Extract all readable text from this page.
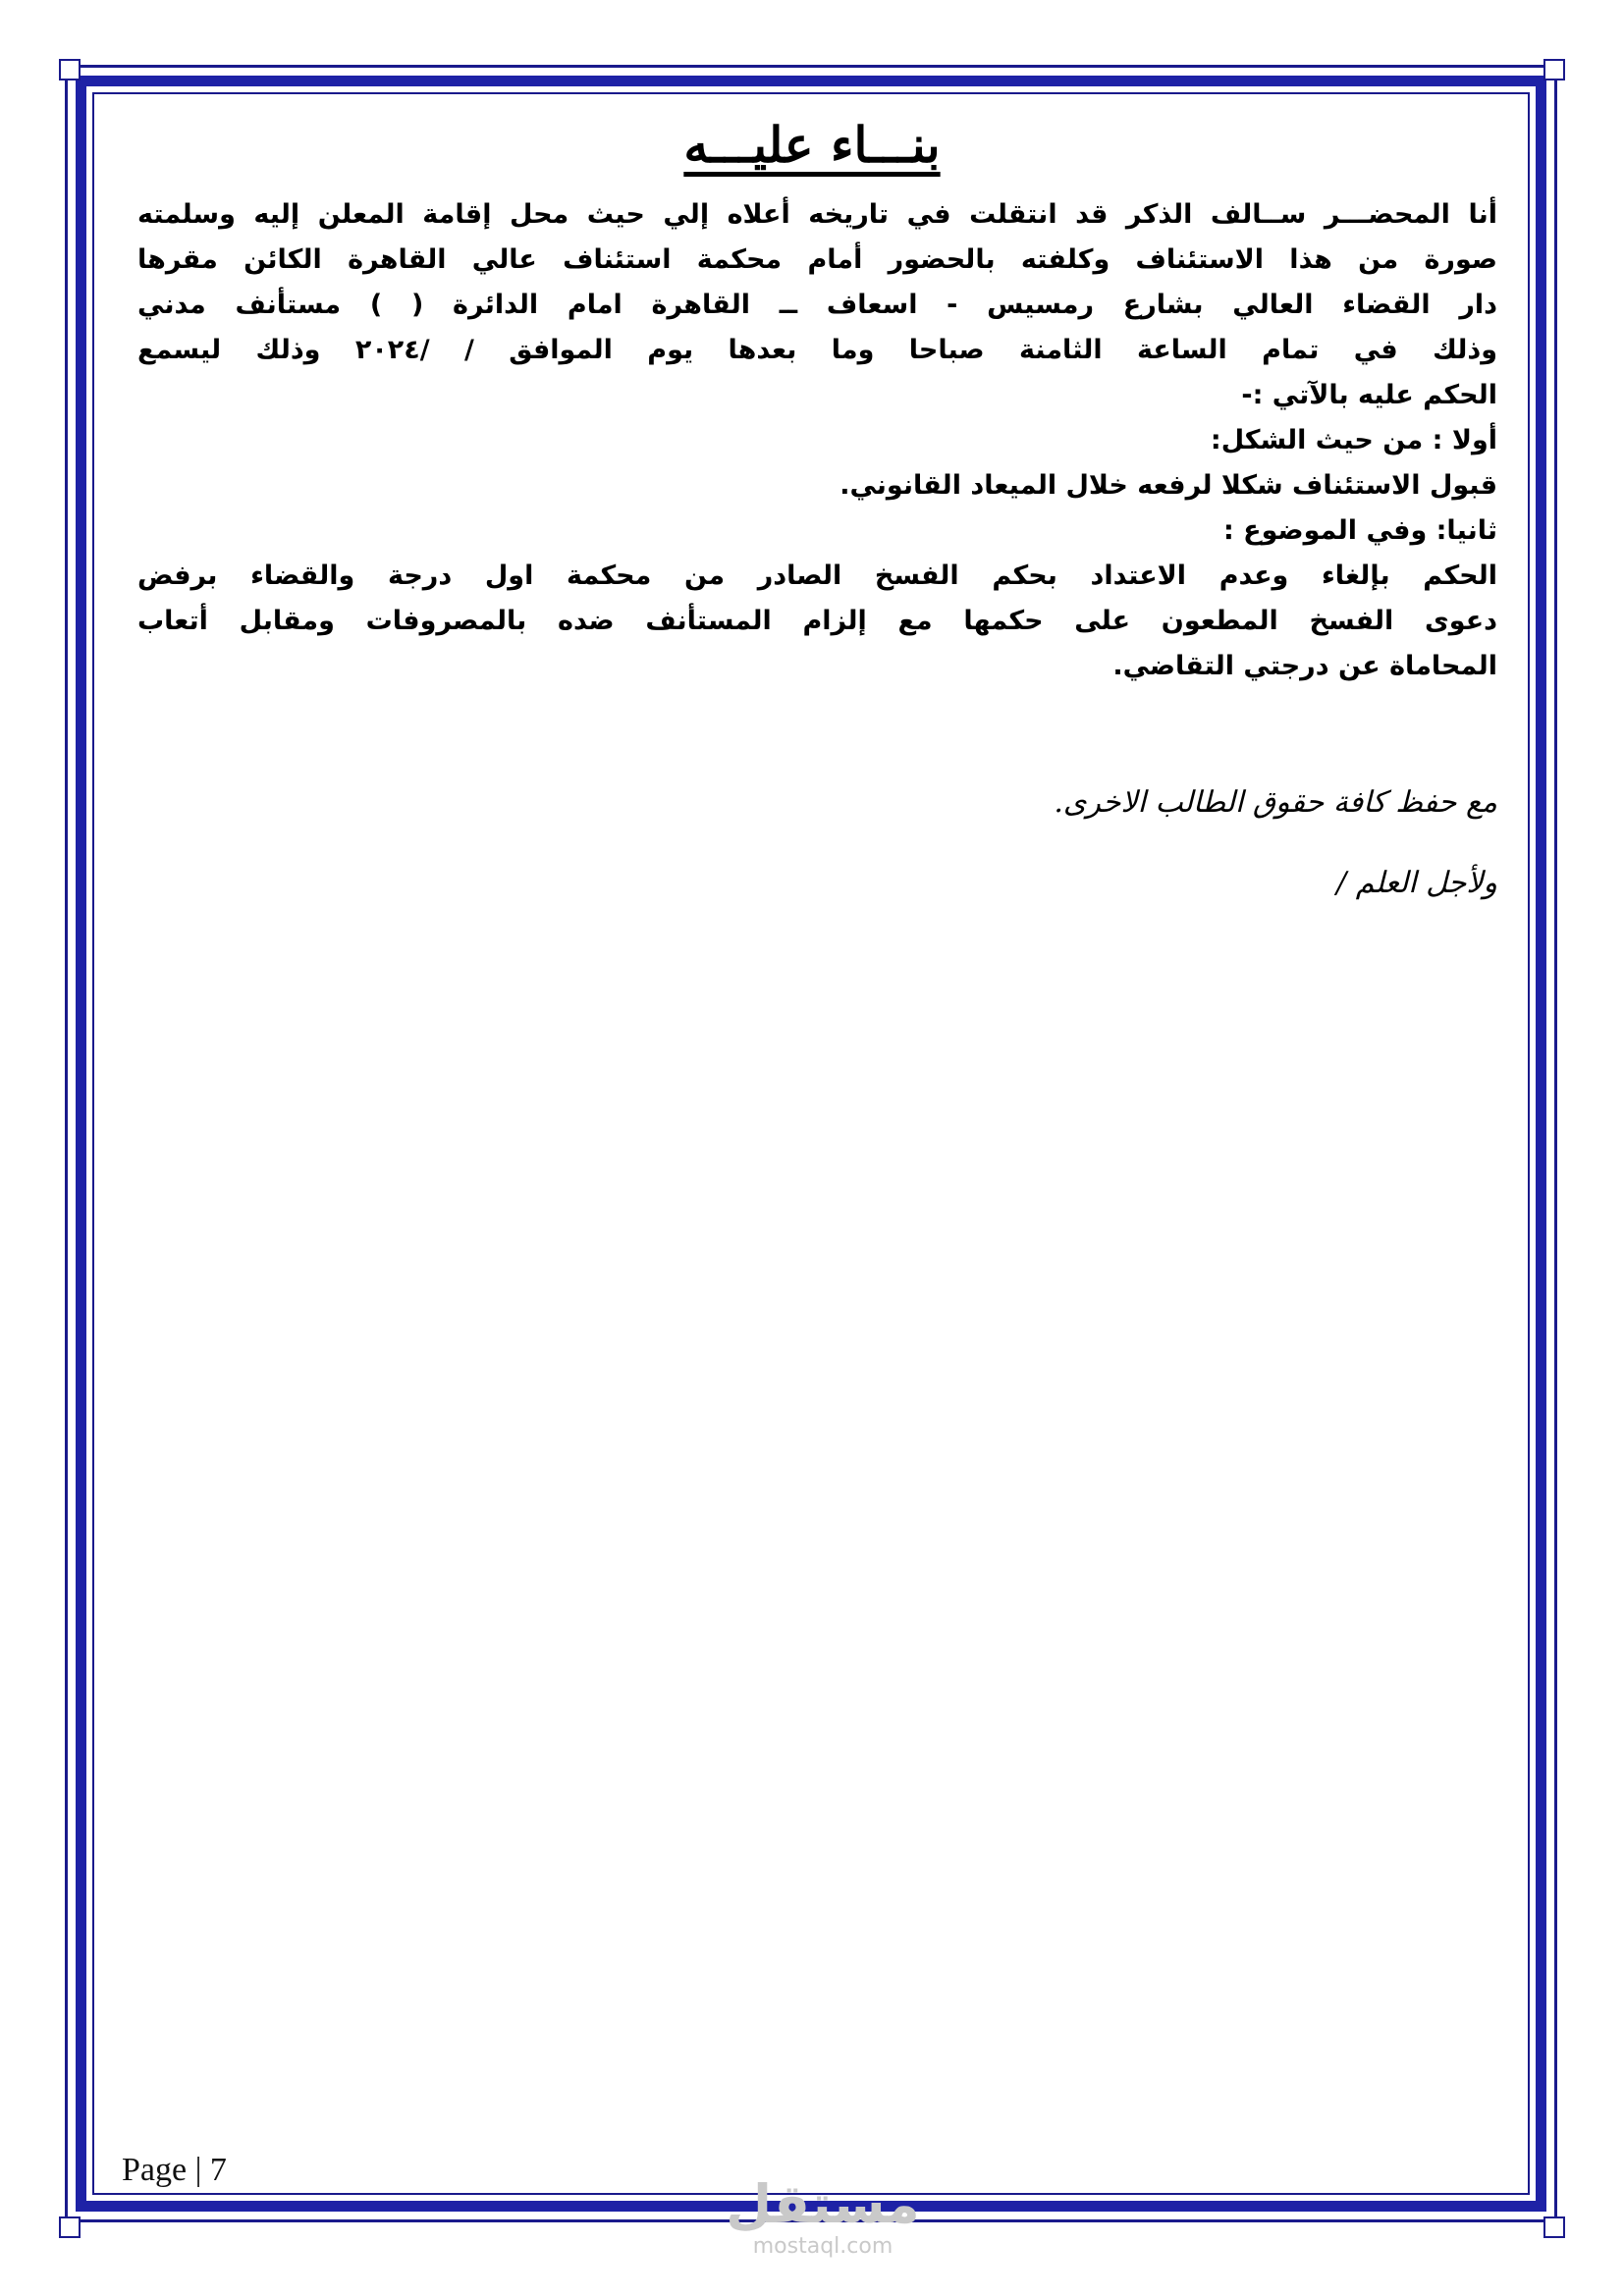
بنـــاء عليـــه
أنا المحضـــر ســالف الذكر قد انتقلت في تاريخه أعلاه إلي حيث محل إقامة المعلن إليه وسلمته
صورة من هذا الاستئناف وكلفته بالحضور أمام محكمة استئناف عالي القاهرة الكائن مقرها
دار القضاء العالي بشارع رمسيس - اسعاف ــ القاهرة امام الدائرة ( ) مستأنف مدني
وذلك في تمام الساعة الثامنة صباحا وما بعدها يوم الموافق / /٢٠٢٤ وذلك ليسمع
الحكم عليه بالآتي :-
أولا : من حيث الشكل:
قبول الاستئناف شكلا لرفعه خلال الميعاد القانوني.
ثانيا: وفي الموضوع :
الحكم بإلغاء وعدم الاعتداد بحكم الفسخ الصادر من محكمة اول درجة والقضاء برفض
دعوى الفسخ المطعون على حكمها مع إلزام المستأنف ضده بالمصروفات ومقابل أتعاب
المحاماة عن درجتي التقاضي.
مع حفظ كافة حقوق الطالب الاخرى.
ولأجل العلم /
Page | 7
مستقل
mostaql.com
